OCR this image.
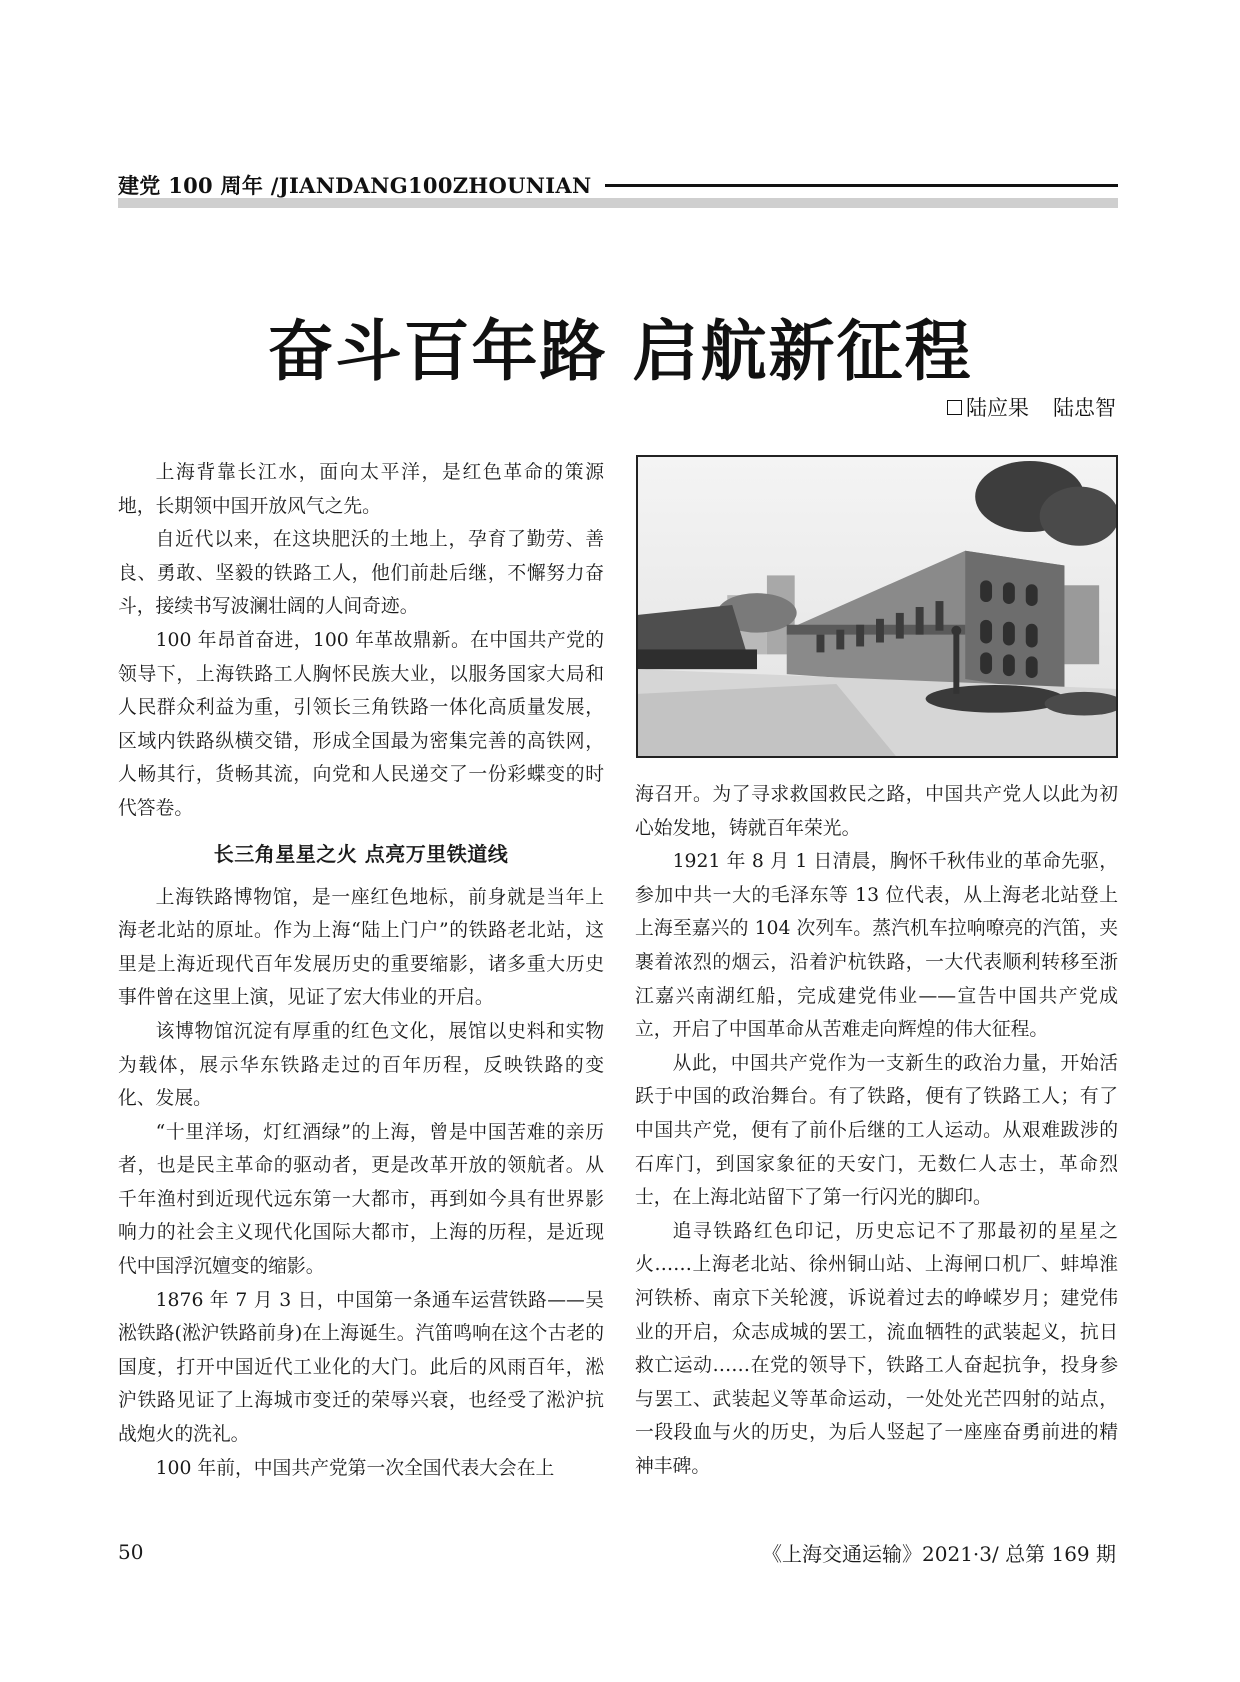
建党 100 周年 /JIANDANG100ZHOUNIAN
奋斗百年路 启航新征程
陆应果 陆忠智

上海背靠长江水，面向太平洋，是红色革命的策源地，长期领中国开放风气之先。

自近代以来，在这块肥沃的土地上，孕育了勤劳、善良、勇敢、坚毅的铁路工人，他们前赴后继，不懈努力奋斗，接续书写波澜壮阔的人间奇迹。

100 年昂首奋进，100 年革故鼎新。在中国共产党的领导下，上海铁路工人胸怀民族大业，以服务国家大局和人民群众利益为重，引领长三角铁路一体化高质量发展，区域内铁路纵横交错，形成全国最为密集完善的高铁网，人畅其行，货畅其流，向党和人民递交了一份彩蝶变的时代答卷。

长三角星星之火 点亮万里铁道线

上海铁路博物馆，是一座红色地标，前身就是当年上海老北站的原址。作为上海“陆上门户”的铁路老北站，这里是上海近现代百年发展历史的重要缩影，诸多重大历史事件曾在这里上演，见证了宏大伟业的开启。

该博物馆沉淀有厚重的红色文化，展馆以史料和实物为载体，展示华东铁路走过的百年历程，反映铁路的变化、发展。

“十里洋场，灯红酒绿”的上海，曾是中国苦难的亲历者，也是民主革命的驱动者，更是改革开放的领航者。从千年渔村到近现代远东第一大都市，再到如今具有世界影响力的社会主义现代化国际大都市，上海的历程，是近现代中国浮沉嬗变的缩影。

1876 年 7 月 3 日，中国第一条通车运营铁路——吴淞铁路(淞沪铁路前身)在上海诞生。汽笛鸣响在这个古老的国度，打开中国近代工业化的大门。此后的风雨百年，淞沪铁路见证了上海城市变迁的荣辱兴衰，也经受了淞沪抗战炮火的洗礼。

100 年前，中国共产党第一次全国代表大会在上

海召开。为了寻求救国救民之路，中国共产党人以此为初心始发地，铸就百年荣光。

1921 年 8 月 1 日清晨，胸怀千秋伟业的革命先驱，参加中共一大的毛泽东等 13 位代表，从上海老北站登上上海至嘉兴的 104 次列车。蒸汽机车拉响嘹亮的汽笛，夹裹着浓烈的烟云，沿着沪杭铁路，一大代表顺利转移至浙江嘉兴南湖红船，完成建党伟业——宣告中国共产党成立，开启了中国革命从苦难走向辉煌的伟大征程。

从此，中国共产党作为一支新生的政治力量，开始活跃于中国的政治舞台。有了铁路，便有了铁路工人；有了中国共产党，便有了前仆后继的工人运动。从艰难跋涉的石库门，到国家象征的天安门，无数仁人志士，革命烈士，在上海北站留下了第一行闪光的脚印。

追寻铁路红色印记，历史忘记不了那最初的星星之火……上海老北站、徐州铜山站、上海闸口机厂、蚌埠淮河铁桥、南京下关轮渡，诉说着过去的峥嵘岁月；建党伟业的开启，众志成城的罢工，流血牺牲的武装起义，抗日救亡运动……在党的领导下，铁路工人奋起抗争，投身参与罢工、武装起义等革命运动，一处处光芒四射的站点，一段段血与火的历史，为后人竖起了一座座奋勇前进的精神丰碑。

50	《上海交通运输》2021·3/ 总第 169 期
